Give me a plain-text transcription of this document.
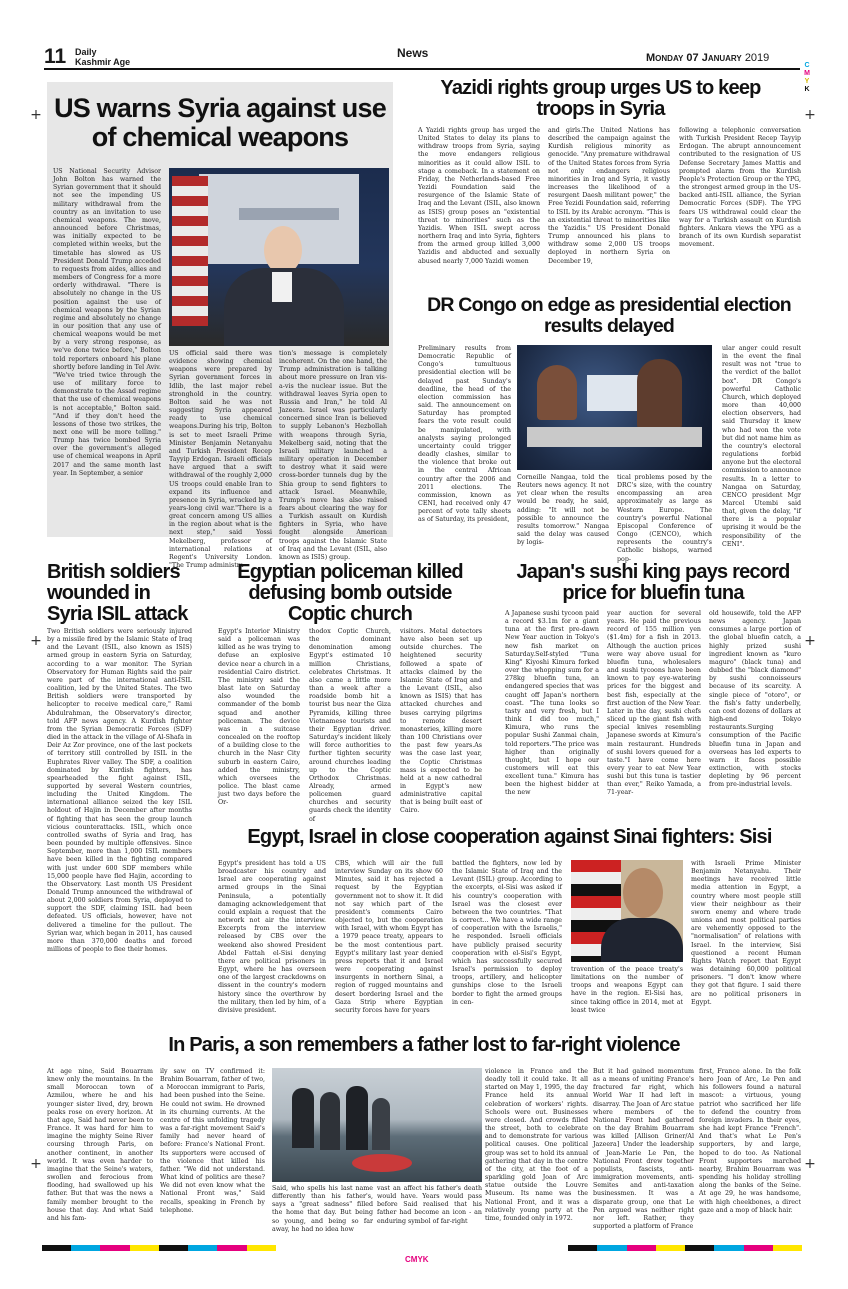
11 Daily
Kashmir Age
News	Monday 07 January 2019
C
M
Y
K
+	+
+	+
+	+
US warns Syria against use of chemical weapons
US National Security Advisor John Bolton has warned the Syrian government that it should not see the impending US military withdrawal from the country as an invitation to use chemical weapons. The move, announced before Christmas, was initially expected to be completed within weeks, but the timetable has slowed as US President Donald Trump acceded to requests from aides, allies and members of Congress for a more orderly withdrawal. "There is absolutely no change in the US position against the use of chemical weapons by the Syrian regime and absolutely no change in our position that any use of chemical weapons would be met by a very strong response, as we've done twice before," Bolton told reporters onboard his plane shortly before landing in Tel Aviv. "We've tried twice through the use of military force to demonstrate to the Assad regime that the use of chemical weapons is not acceptable," Bolton said. "And if they don't heed the lessons of those two strikes, the next one will be more telling." Trump has twice bombed Syria over the government's alleged use of chemical weapons in April 2017 and the same month last year. In September, a senior
US official said there was evidence showing chemical weapons were prepared by Syrian government forces in Idlib, the last major rebel stronghold in the country. Bolton said he was not suggesting Syria appeared ready to use chemical weapons.During his trip, Bolton is set to meet Israeli Prime Minister Benjamin Netanyahu and Turkish President Recep Tayyip Erdogan. Israeli officials have argued that a swift withdrawal of the roughly 2,000 US troops could enable Iran to expand its influence and presence in Syria, wracked by a years-long civil war."There is a great concern among US allies in the region about what is the next step," said Yossi Mekelberg, professor of international relations at Regent's University London. "The Trump administra-
tion's message is completely incoherent. On the one hand, the Trump administration is talking about more pressure on Iran vis-a-vis the nuclear issue. But the withdrawal leaves Syria open to Russia and Iran," he told Al Jazeera. Israel was particularly concerned since Iran is believed to supply Lebanon's Hezbollah with weapons through Syria, Mekelberg said, noting that the Israeli military launched a military operation in December to destroy what it said were cross-border tunnels dug by the Shia group to send fighters to attack Israel. Meanwhile, Trump's move has also raised fears about clearing the way for a Turkish assault on Kurdish fighters in Syria, who have fought alongside American troops against the Islamic State of Iraq and the Levant (ISIL, also known as ISIS) group.
Yazidi rights group urges US to keep troops in Syria
A Yazidi rights group has urged the United States to delay its plans to withdraw troops from Syria, saying the move endangers religious minorities as it could allow ISIL to stage a comeback. In a statement on Friday, the Netherlands-based Free Yezidi Foundation said the resurgence of the Islamic State of Iraq and the Levant (ISIL, also known as ISIS) group poses an "existential threat to minorities" such as the Yazidis. When ISIL swept across northern Iraq and into Syria, fighters from the armed group killed 3,000 Yazidis and abducted and sexually abused nearly 7,000 Yazidi women
and girls.The United Nations has described the campaign against the Kurdish religious minority as genocide. "Any premature withdrawal of the United States forces from Syria not only endangers religious minorities in Iraq and Syria, it vastly increases the likelihood of a resurgent Daesh militant power," the Free Yezidi Foundation said, referring to ISIL by its Arabic acronym. "This is an existential threat to minorities like the Yazidis." US President Donald Trump announced his plans to withdraw some 2,000 US troops deployed in northern Syria on December 19,
following a telephonic conversation with Turkish President Recep Tayyip Erdogan. The abrupt announcement contributed to the resignation of US Defense Secretary James Mattis and prompted alarm from the Kurdish People's Protection Group or the YPG, the strongest armed group in the US-backed anti-ISIL alliance, the Syrian Democratic Forces (SDF). The YPG fears US withdrawal could clear the way for a Turkish assault on Kurdish fighters. Ankara views the YPG as a branch of its own Kurdish separatist movement.
DR Congo on edge as presidential election results delayed
Preliminary results from Democratic Republic of Congo's tumultuous presidential election will be delayed past Sunday's deadline, the head of the election commission has said. The announcement on Saturday has prompted fears the vote result could be manipulated, with analysts saying prolonged uncertainty could trigger deadly clashes, similar to the violence that broke out in the central African country after the 2006 and 2011 elections. The commission, known as CENI, had received only 47 percent of vote tally sheets as of Saturday, its president,
Corneille Nangaa, told the Reuters news agency. It not yet clear when the results would be ready, he said, adding: "It will not be possible to announce the results tomorrow." Nangaa said the delay was caused by logis-
tical problems posed by the DRC's size, with the country encompassing an area approximately as large as Western Europe. The country's powerful National Episcopal Conference of Congo (CENCO), which represents the country's Catholic bishops, warned pop-
ular anger could result in the event the final result was not "true to the verdict of the ballot box". DR Congo's powerful Catholic Church, which deployed more than 40,000 election observers, had said Thursday it knew who had won the vote but did not name him as the country's electoral regulations forbid anyone but the electoral commission to announce results. In a letter to Nangaa on Saturday, CENCO president Mgr Marcel Utembi said that, given the delay, "if there is a popular uprising it would be the responsibility of the CENI".
British soldiers wounded in Syria ISIL attack
Two British soldiers were seriously injured by a missile fired by the Islamic State of Iraq and the Levant (ISIL, also known as ISIS) armed group in eastern Syria on Saturday, according to a war monitor. The Syrian Observatory for Human Rights said the pair were part of the international anti-ISIL coalition, led by the United States. The two British soldiers were transported by helicopter to receive medical care," Rami Abdulrahman, the Observatory's director, told AFP news agency. A Kurdish fighter from the Syrian Democratic Forces (SDF) died in the attack in the village of Al-Shafa in Deir Az Zor province, one of the last pockets of territory still controlled by ISIL in the Euphrates River valley. The SDF, a coalition dominated by Kurdish fighters, has spearheaded the fight against ISIL, supported by several Western countries, including the United Kingdom. The international alliance seized the key ISIL holdout of Hajin in December after months of fighting that has seen the group launch vicious counterattacks. ISIL, which once controlled swaths of Syria and Iraq, has been pounded by multiple offensives. Since September, more than 1,000 ISIL members have been killed in the fighting compared with just under 600 SDF members while 15,000 people have fled Hajin, according to the Observatory. Last month US President Donald Trump announced the withdrawal of about 2,000 soldiers from Syria, deployed to support the SDF, claiming ISIL had been defeated. US officials, however, have not delivered a timeline for the pullout. The Syrian war, which began in 2011, has caused more than 370,000 deaths and forced millions of people to flee their homes.
Egyptian policeman killed defusing bomb outside Coptic church
Egypt's Interior Ministry said a policeman was killed as he was trying to defuse an explosive device near a church in a residential Cairo district. The ministry said the blast late on Saturday also wounded the commander of the bomb squad and another policeman. The device was in a suitcase concealed on the rooftop of a building close to the church in the Nasr City suburb in eastern Cairo, added the ministry, which oversees the police. The blast came just two days before the Or-
thodox Coptic Church, the dominant denomination among Egypt's estimated 10 million Christians, celebrates Christmas. It also came a little more than a week after a roadside bomb hit a tourist bus near the Giza Pyramids, killing three Vietnamese tourists and their Egyptian driver. Saturday's incident likely will force authorities to further tighten security around churches leading up to the Coptic Orthodox Christmas. Already, armed policemen guard churches and security guards check the identity of
visitors. Metal detectors have also been set up outside churches. The heightened security followed a spate of attacks claimed by the Islamic State of Iraq and the Levant (ISIL, also known as ISIS) that has attacked churches and buses carrying pilgrims to remote desert monasteries, killing more than 100 Christians over the past few years.As was the case last year, the Coptic Christmas mass is expected to be held at a new cathedral in Egypt's new administrative capital that is being built east of Cairo.
Japan's sushi king pays record price for bluefin tuna
A Japanese sushi tycoon paid a record $3.1m for a giant tuna at the first pre-dawn New Year auction in Tokyo's new fish market on Saturday.Self-styled "Tuna King" Kiyoshi Kimura forked over the whopping sum for a 278kg bluefin tuna, an endangered species that was caught off Japan's northern coast. "The tuna looks so tasty and very fresh, but I think I did too much," Kimura, who runs the popular Sushi Zanmai chain, told reporters."The price was higher than originally thought, but I hope our customers will eat this excellent tuna." Kimura has been the highest bidder at the new
year auction for several years. He paid the previous record of 155 million yen ($1.4m) for a fish in 2013. Although the auction prices were way above usual for bluefin tuna, wholesalers and sushi tycoons have been known to pay eye-watering prices for the biggest and best fish, especially at the first auction of the New Year. Later in the day, sushi chefs sliced up the giant fish with special knives resembling Japanese swords at Kimura's main restaurant. Hundreds of sushi lovers queued for a taste."I have come here every year to eat New Year sushi but this tuna is tastier than ever," Reiko Yamada, a 71-year-
old housewife, told the AFP news agency. Japan consumes a large portion of the global bluefin catch, a highly prized sushi ingredient known as "kuro maguro" (black tuna) and dubbed the "black diamond" by sushi connoisseurs because of its scarcity. A single piece of "otoro", or the fish's fatty underbelly, can cost dozens of dollars at high-end Tokyo restaurants.Surging consumption of the Pacific bluefin tuna in Japan and overseas has led experts to warn it faces possible extinction, with stocks depleting by 96 percent from pre-industrial levels.
Egypt, Israel in close cooperation against Sinai fighters: Sisi
Egypt's president has told a US broadcaster his country and Israel are cooperating against armed groups in the Sinai Peninsula, a potentially damaging acknowledgement that could explain a request that the network not air the interview. Excerpts from the interview released by CBS over the weekend also showed President Abdel Fattah el-Sisi denying there are political prisoners in Egypt, where he has overseen one of the largest crackdowns on dissent in the country's modern history since the overthrow by the military, then led by him, of a divisive president.
CBS, which will air the full interview Sunday on its show 60 Minutes, said it has rejected a request by the Egyptian government not to show it. It did not say which part of the president's comments Cairo objected to, but the cooperation with Israel, with whom Egypt has a 1979 peace treaty, appears to be the most contentious part. Egypt's military last year denied press reports that it and Israel were cooperating against insurgents in northern Sinai, a region of rugged mountains and desert bordering Israel and the Gaza Strip where Egyptian security forces have for years
battled the fighters, now led by the Islamic State of Iraq and the Levant (ISIL) group. According to the excerpts, el-Sisi was asked if his country's cooperation with Israel was the closest ever between the two countries. "That is correct... We have a wide range of cooperation with the Israelis," he responded. Israeli officials have publicly praised security cooperation with el-Sisi's Egypt, which has successfully secured Israel's permission to deploy troops, artillery, and helicopter gunships close to the Israeli border to fight the armed groups in cen-
travention of the peace treaty's limitations on the number of troops and weapons Egypt can have in the region. El-Sisi has, since taking office in 2014, met at least twice
with Israeli Prime Minister Benjamin Netanyahu. Their meetings have received little media attention in Egypt, a country where most people still view their neighbour as their sworn enemy and where trade unions and most political parties are vehemently opposed to the "normalisation" of relations with Israel. In the interview, Sisi questioned a recent Human Rights Watch report that Egypt was detaining 60,000 political prisoners. "I don't know where they got that figure. I said there are no political prisoners in Egypt.
In Paris, a son remembers a father lost to far-right violence
At age nine, Said Bouarram knew only the mountains. In the small Moroccan town of Azmilou, where he and his younger sister lived, dry, brown peaks rose on every horizon. At that age, Said had never been to France. It was hard for him to imagine the mighty Seine River coursing through Paris, on another continent, in another world. It was even harder to imagine that the Seine's waters, swollen and ferocious from flooding, had swallowed up his father. But that was the news a family member brought to the house that day. And what Said and his fam-
ily saw on TV confirmed it: Brahim Bouarram, father of two, a Moroccan immigrant to Paris, had been pushed into the Seine. He could not swim. He drowned in its churning currents. At the centre of this unfolding tragedy was a far-right movement Said's family had never heard of before: France's National Front. Its supporters were accused of the violence that killed his father. "We did not understand. What kind of politics are these? We did not even know what the National Front was," Said recalls, speaking in French by telephone.
Said, who spells his last name differently than his father's, says a "great sadness" filled the home that day. But being so young, and being so far away, he had no idea how
vast an affect his father's death would have. Years would pass before Said realised that his father had become an icon - an enduring symbol of far-right
violence in France and the deadly toll it could take. It all started on May 1, 1995, the day France held its annual celebration of workers' rights. Schools were out. Businesses were closed. And crowds filled the street, both to celebrate and to demonstrate for various political causes. One political group was set to hold its annual gathering that day in the centre of the city, at the foot of a sparkling gold Joan of Arc statue outside the Louvre Museum. Its name was the National Front, and it was a relatively young party at the time, founded only in 1972.
But it had gained momentum as a means of uniting France's fractured far right, which World War II had left in disarray. The Joan of Arc statue where members of the National Front had gathered on the day Brahim Bouarram was killed [Allison Griner/Al Jazeera] Under the leadership of Jean-Marie Le Pen, the National Front drew together populists, fascists, anti-immigration movements, anti-Semites and anti-taxation businessmen. It was a disparate group, one that Le Pen argued was neither right nor left. Rather, they supported a platform of France
first, France alone. In the folk hero Joan of Arc, Le Pen and his followers found a natural mascot: a virtuous, young patriot who sacrificed her life to defend the country from foreign invaders. In their eyes, she had kept France "French". And that's what Le Pen's supporters, by and large, hoped to do too. As National Front supporters marched nearby, Brahim Bouarram was spending his holiday strolling along the banks of the Seine. At age 29, he was handsome, with high cheekbones, a direct gaze and a mop of black hair.
CMYK
